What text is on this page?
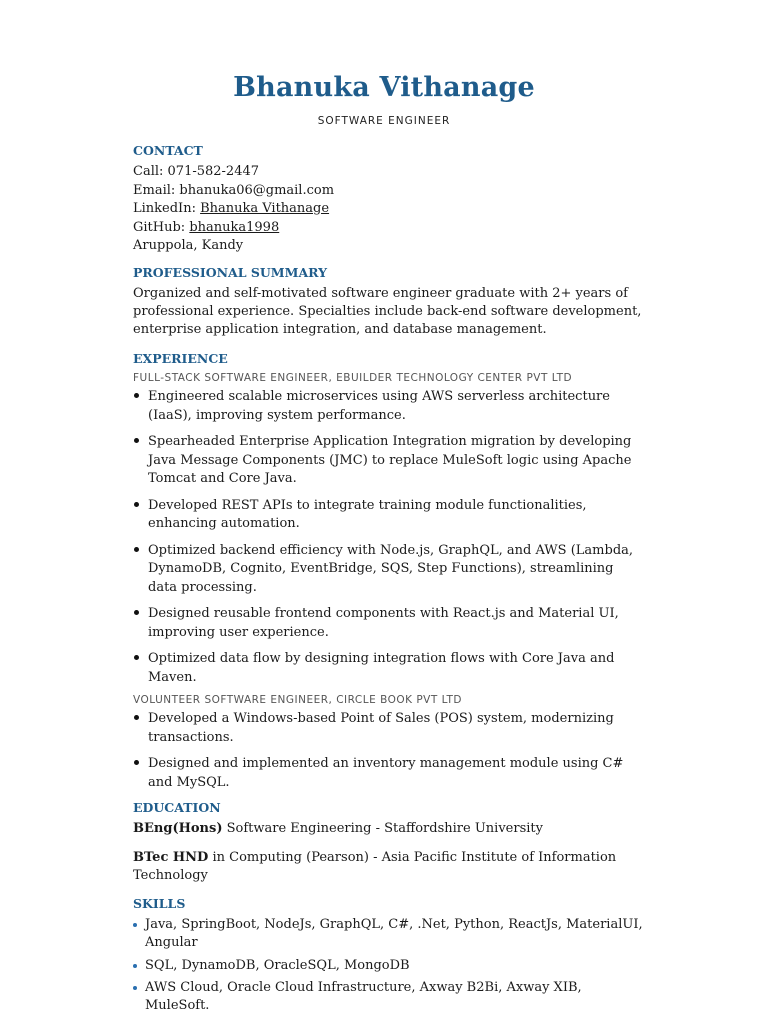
Bhanuka Vithanage
SOFTWARE ENGINEER
CONTACT

Call: 071-582-2447

Email: bhanuka06@gmail.com

LinkedIn: Bhanuka Vithanage

GitHub: bhanuka1998

Aruppola, Kandy

PROFESSIONAL SUMMARY

Organized and self-motivated software engineer graduate with 2+ years of professional experience. Specialties include back-end software development, enterprise application integration, and database management.

EXPERIENCE
FULL-STACK SOFTWARE ENGINEER, EBUILDER TECHNOLOGY CENTER PVT LTD
Engineered scalable microservices using AWS serverless architecture (IaaS), improving system performance.
Spearheaded Enterprise Application Integration migration by developing Java Message Components (JMC) to replace MuleSoft logic using Apache Tomcat and Core Java.
Developed REST APIs to integrate training module functionalities, enhancing automation.
Optimized backend efficiency with Node.js, GraphQL, and AWS (Lambda, DynamoDB, Cognito, EventBridge, SQS, Step Functions), streamlining data processing.
Designed reusable frontend components with React.js and Material UI, improving user experience.
Optimized data flow by designing integration flows with Core Java and Maven.
VOLUNTEER SOFTWARE ENGINEER, CIRCLE BOOK PVT LTD
Developed a Windows-based Point of Sales (POS) system, modernizing transactions.
Designed and implemented an inventory management module using C# and MySQL.
EDUCATION

BEng(Hons) Software Engineering - Staffordshire University

BTec HND in Computing (Pearson) - Asia Pacific Institute of Information Technology

SKILLS
Java, SpringBoot, NodeJs, GraphQL, C#, .Net, Python, ReactJs, MaterialUI, Angular
SQL, DynamoDB, OracleSQL, MongoDB
AWS Cloud, Oracle Cloud Infrastructure, Axway B2Bi, Axway XIB, MuleSoft.
